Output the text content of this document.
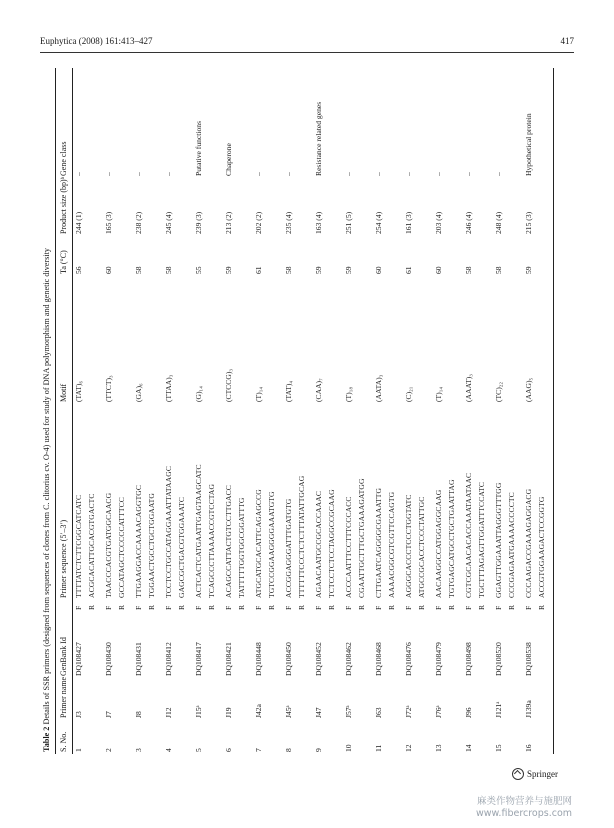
Euphytica (2008) 161:413–427	417
Table 2 Details of SSR primers (designed from sequences of clones from C. clitorius cv. O-4) used for study of DNA polymorphism and genetic diversity
S. No.
Primer name
GenBank Id
Primer sequence (5′–3′)
Motif
Ta (°C)
Product size (bp)ᵇ
Gene class
1
J3
DQ108427
F R
TTTTATCTCTTCGGCATCATC ACGCACATTGCACGTGACTC
(TAT)₆
56
244 (1)
–
2
J7
DQ108430
F R
TAACCCACGTGATGGCAACG GCCATAGCTCCCCCATTTCC
(TTCT)₃
60
165 (3)
–
3
J8
DQ108431
F R
TTGAAGGACCAAAACAGGTGC TGGAACTGCCTGCTGGAATG
(GA)₆
58
238 (2)
–
4
J12
DQ108412
F R
TCCTCCTGCCATAGGAAATTATAAGC GAGCGCTGACGTGGAAATC
(TTAA)₃
58
245 (4)
–
5
J15ᵃ
DQ108417
F R
ACTCACTCATGAATTGAGTAAGCATC TCAGCCCTTAAAACCGTCCTAG
(G)₁₄
55
239 (3)
Putative functions
6
J19
DQ108421
F R
ACAGCCATTACTGTCCTTGACC TATTTTTGGTGGCGGATTTG
(CTCCG)₃
59
213 (2)
Chaperone
7
J42a
DQ108448
F R
ATGCATGCACATTCAGAGCCG TGTCCGGAAGGGGAAATGTG
(T)₁₄
61
202 (2)
–
8
J45ᵃ
DQ108450
F R
ACCGGAGGGATTTGATGTG TTTTTTCCCTCTCTTTATATTGCAG
(TAT)₄
58
235 (4)
–
9
J47
DQ108452
F R
AGAACAATGCCGCACCAAAC TCTCCTCTCCTAGGCCGCAAG
(CAA)₇
59
163 (4)
Resistance related genes
10
J57ᵃ
DQ108462
F R
ACCCAATTTCCTTTCCCACC CGAATTGCTTTGCTGAAAGATGG
(T)₁₈
59
251 (5)
–
11
J63
DQ108468
F R
CTTGAATCAGGGGCGAAATTG AAAACGGCGTCGTTCCAGTG
(AATA)₃
60
254 (4)
–
12
J72ᵃ
DQ108476
F R
AGGGCACCCTCCCTGGTATC ATGCCGCACCTCCCTATTGC
(C)₂₁
61
161 (3)
–
13
J76ᵃ
DQ108479
F R
AACAAGGCCATGGAGGCAAG TGTGAGCATGCCTGCTGAATTAG
(T)₁₄
60
203 (4)
–
14
J96
DQ108498
F R
CGTCGCAACACACCAAATAATAAC TGCTTTAGAGTTGGATTTCCATC
(AAAT)₃
58
246 (4)
–
15
J121ᵃ
DQ108520
F R
GGAGTTGGAAATTAGGGTTTGG CCCGAGAATGAAAACCCCTC
(TC)₂₂
58
248 (4)
–
16
J139a
DQ108538
F R
CCCAAGACCGAAAGAGGACG ACCGTGGAAGACTCCGGTG
(AAG)₅
59
215 (3)
Hypothetical protein
Springer
麻类作物营养与施肥网
www.fibercrops.com
